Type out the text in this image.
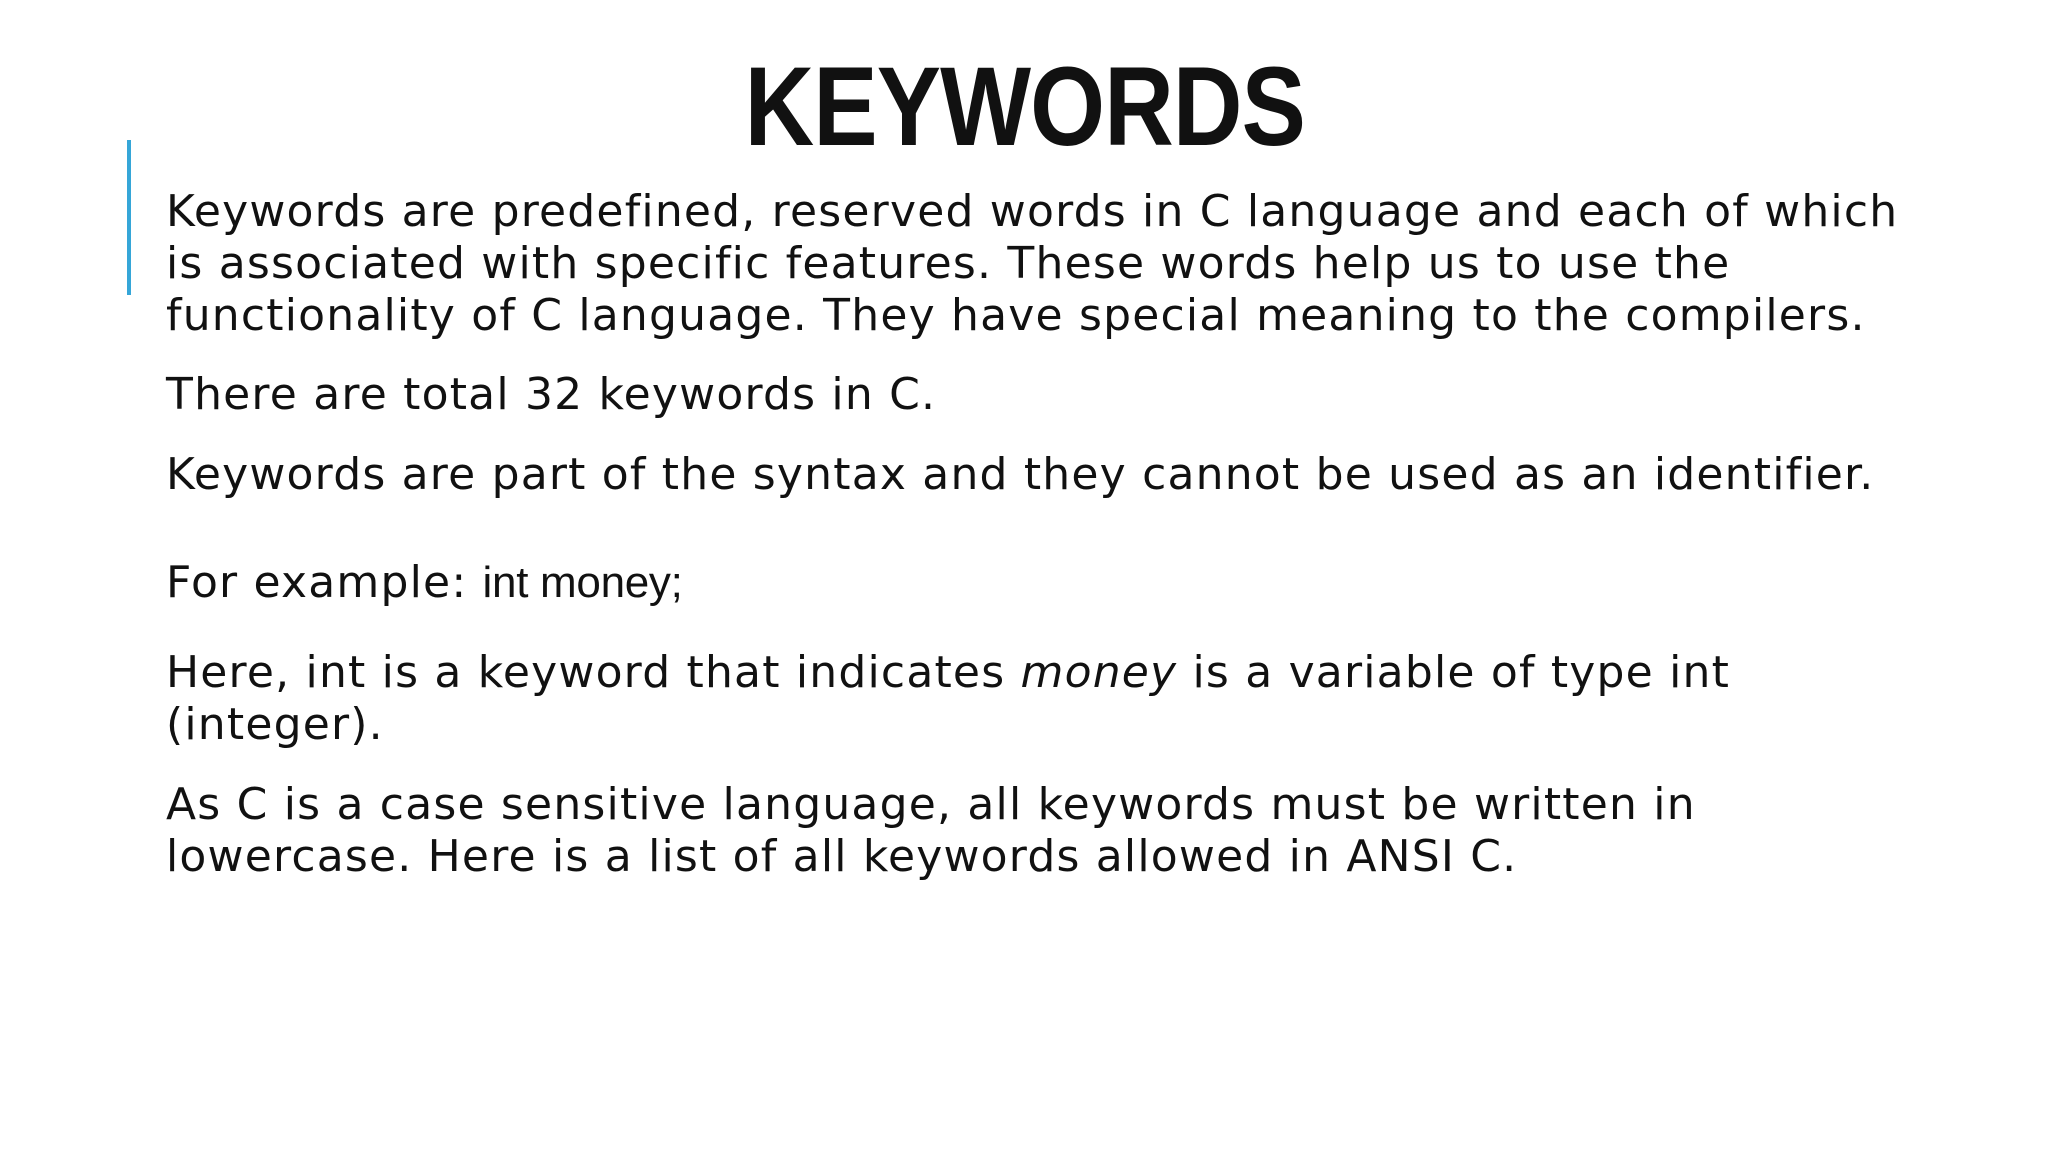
KEYWORDS
Keywords are predefined, reserved words in C language and each of which
is associated with specific features. These words help us to use the
functionality of C language. They have special meaning to the compilers.
There are total 32 keywords in C.
Keywords are part of the syntax and they cannot be used as an identifier.
For example: int money;
Here, int is a keyword that indicates money is a variable of type int
(integer).
As C is a case sensitive language, all keywords must be written in
lowercase. Here is a list of all keywords allowed in ANSI C.
